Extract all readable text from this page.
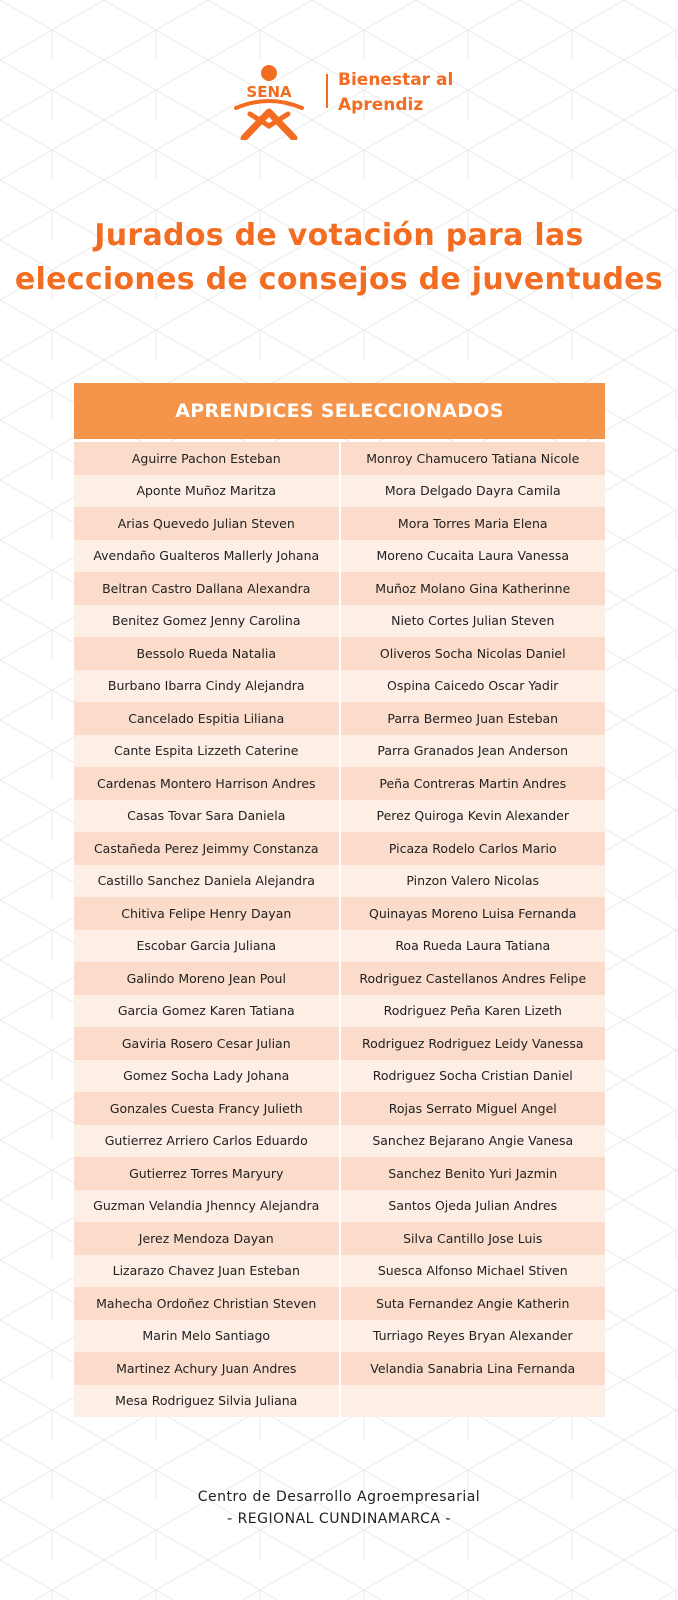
SENA
Bienestar al
Aprendiz
Jurados de votación para las
elecciones de consejos de juventudes
APRENDICES SELECCIONADOS
Aguirre Pachon Esteban	Monroy Chamucero Tatiana Nicole
Aponte Muñoz Maritza	Mora Delgado Dayra Camila
Arias Quevedo Julian Steven	Mora Torres Maria Elena
Avendaño Gualteros Mallerly Johana	Moreno Cucaita Laura Vanessa
Beltran Castro Dallana Alexandra	Muñoz Molano Gina Katherinne
Benitez Gomez Jenny Carolina	Nieto Cortes Julian Steven
Bessolo Rueda Natalia	Oliveros Socha Nicolas Daniel
Burbano Ibarra Cindy Alejandra	Ospina Caicedo Oscar Yadir
Cancelado Espitia Liliana	Parra Bermeo Juan Esteban
Cante Espita Lizzeth Caterine	Parra Granados Jean Anderson
Cardenas Montero Harrison Andres	Peña Contreras Martin Andres
Casas Tovar Sara Daniela	Perez Quiroga Kevin Alexander
Castañeda Perez Jeimmy Constanza	Picaza Rodelo Carlos Mario
Castillo Sanchez Daniela Alejandra	Pinzon Valero Nicolas
Chitiva Felipe Henry Dayan	Quinayas Moreno Luisa Fernanda
Escobar Garcia Juliana	Roa Rueda Laura Tatiana
Galindo Moreno Jean Poul	Rodriguez Castellanos Andres Felipe
Garcia Gomez Karen Tatiana	Rodriguez Peña Karen Lizeth
Gaviria Rosero Cesar Julian	Rodriguez Rodriguez Leidy Vanessa
Gomez Socha Lady Johana	Rodriguez Socha Cristian Daniel
Gonzales Cuesta Francy Julieth	Rojas Serrato Miguel Angel
Gutierrez Arriero Carlos Eduardo	Sanchez Bejarano Angie Vanesa
Gutierrez Torres Maryury	Sanchez Benito Yuri Jazmin
Guzman Velandia Jhenncy Alejandra	Santos Ojeda Julian Andres
Jerez Mendoza Dayan	Silva Cantillo Jose Luis
Lizarazo Chavez Juan Esteban	Suesca Alfonso Michael Stiven
Mahecha Ordoñez Christian Steven	Suta Fernandez Angie Katherin
Marin Melo Santiago	Turriago Reyes Bryan Alexander
Martinez Achury Juan Andres	Velandia Sanabria Lina Fernanda
Mesa Rodriguez Silvia Juliana
Centro de Desarrollo Agroempresarial
- REGIONAL CUNDINAMARCA -
